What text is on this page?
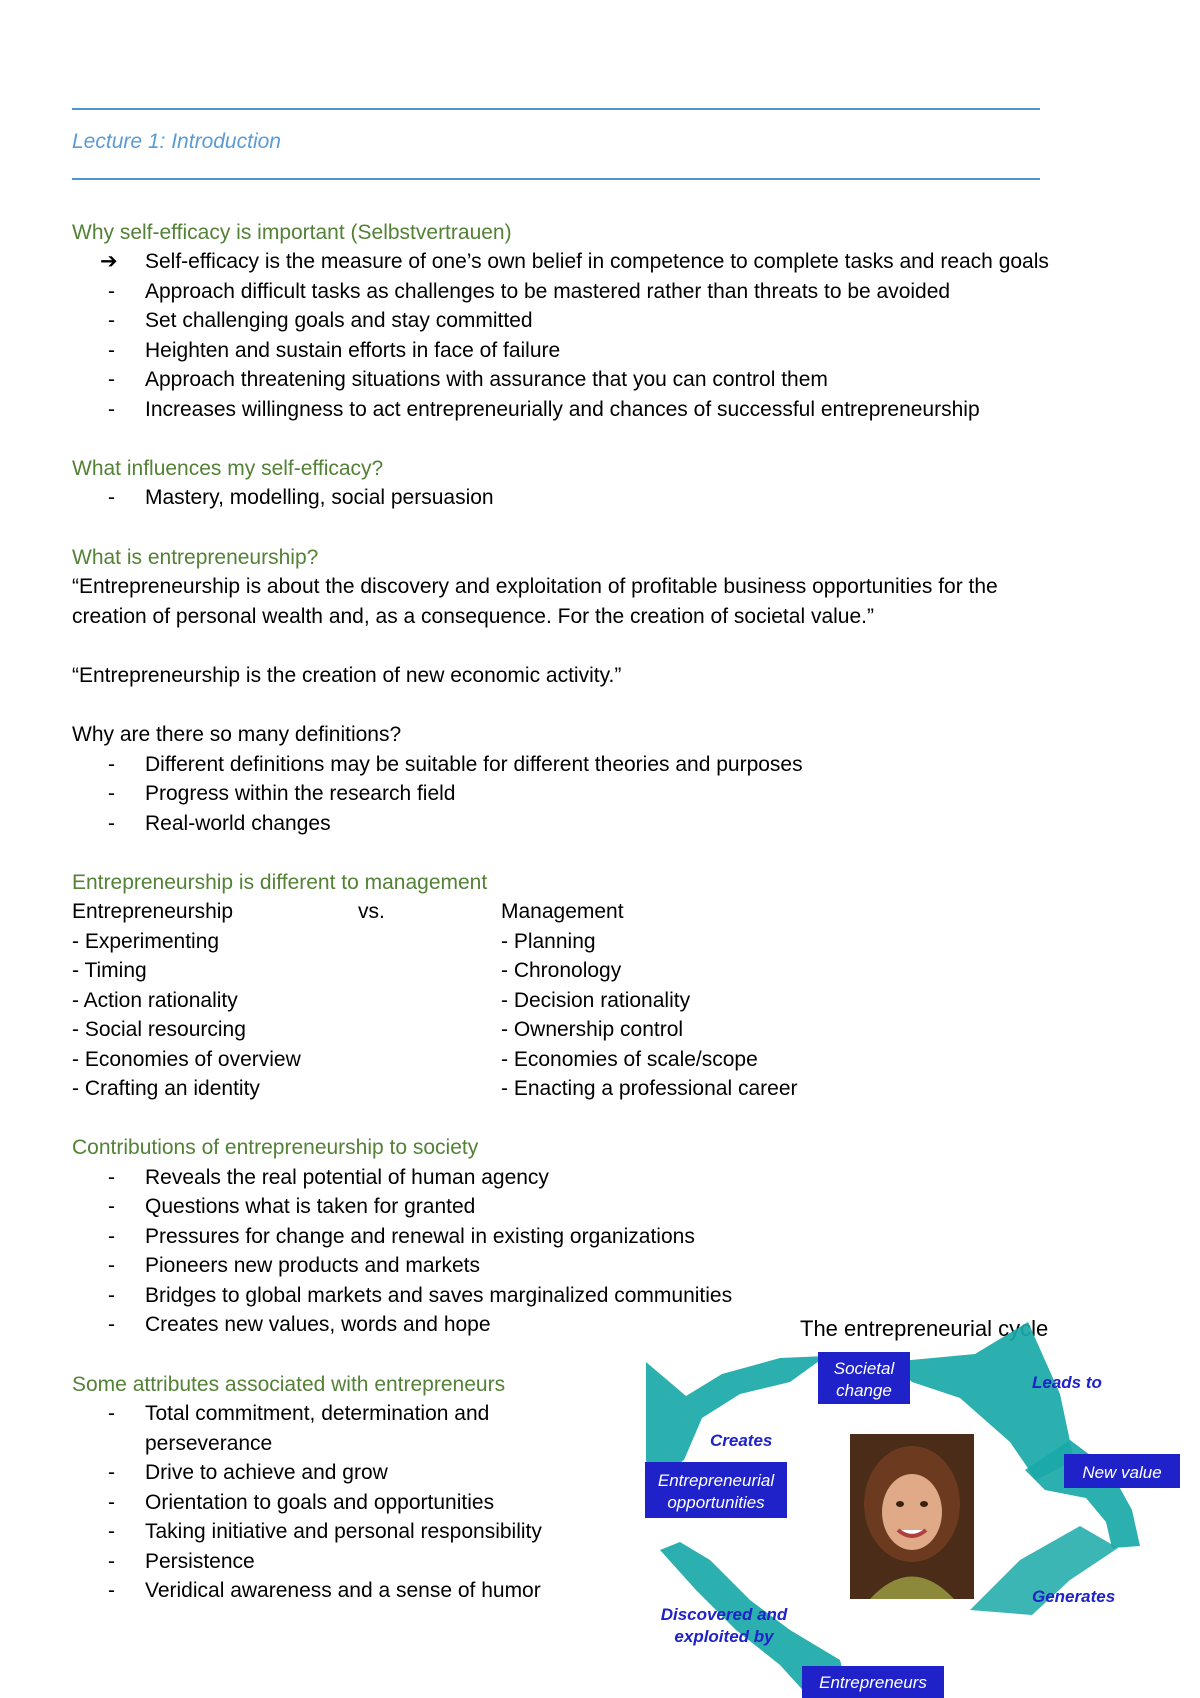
Lecture 1: Introduction
Why self-efficacy is important (Selbstvertrauen)
➔ Self-efficacy is the measure of one’s own belief in competence to complete tasks and reach goals
-	Approach difficult tasks as challenges to be mastered rather than threats to be avoided
-	Set challenging goals and stay committed
-	Heighten and sustain efforts in face of failure
-	Approach threatening situations with assurance that you can control them
-	Increases willingness to act entrepreneurially and chances of successful entrepreneurship
What influences my self-efficacy?
-	Mastery, modelling, social persuasion
What is entrepreneurship?
“Entrepreneurship is about the discovery and exploitation of profitable business opportunities for the
creation of personal wealth and, as a consequence. For the creation of societal value.”
“Entrepreneurship is the creation of new economic activity.”
Why are there so many definitions?
-	Different definitions may be suitable for different theories and purposes
-	Progress within the research field
-	Real-world changes
Entrepreneurship is different to management
Entrepreneurship	vs.	Management
- Experimenting	- Planning
- Timing	- Chronology
- Action rationality	- Decision rationality
- Social resourcing	- Ownership control
- Economies of overview	- Economies of scale/scope
- Crafting an identity	- Enacting a professional career
Contributions of entrepreneurship to society
-	Reveals the real potential of human agency
-	Questions what is taken for granted
-	Pressures for change and renewal in existing organizations
-	Pioneers new products and markets
-	Bridges to global markets and saves marginalized communities
-	Creates new values, words and hope
Some attributes associated with entrepreneurs
-	Total commitment, determination and
perseverance
-	Drive to achieve and grow
-	Orientation to goals and opportunities
-	Taking initiative and personal responsibility
-	Persistence
-	Veridical awareness and a sense of humor
The entrepreneurial cycle
Societal
change
New value
Entrepreneurial
opportunities
Entrepreneurs
Leads to
Creates
Generates
Discovered and
exploited by
